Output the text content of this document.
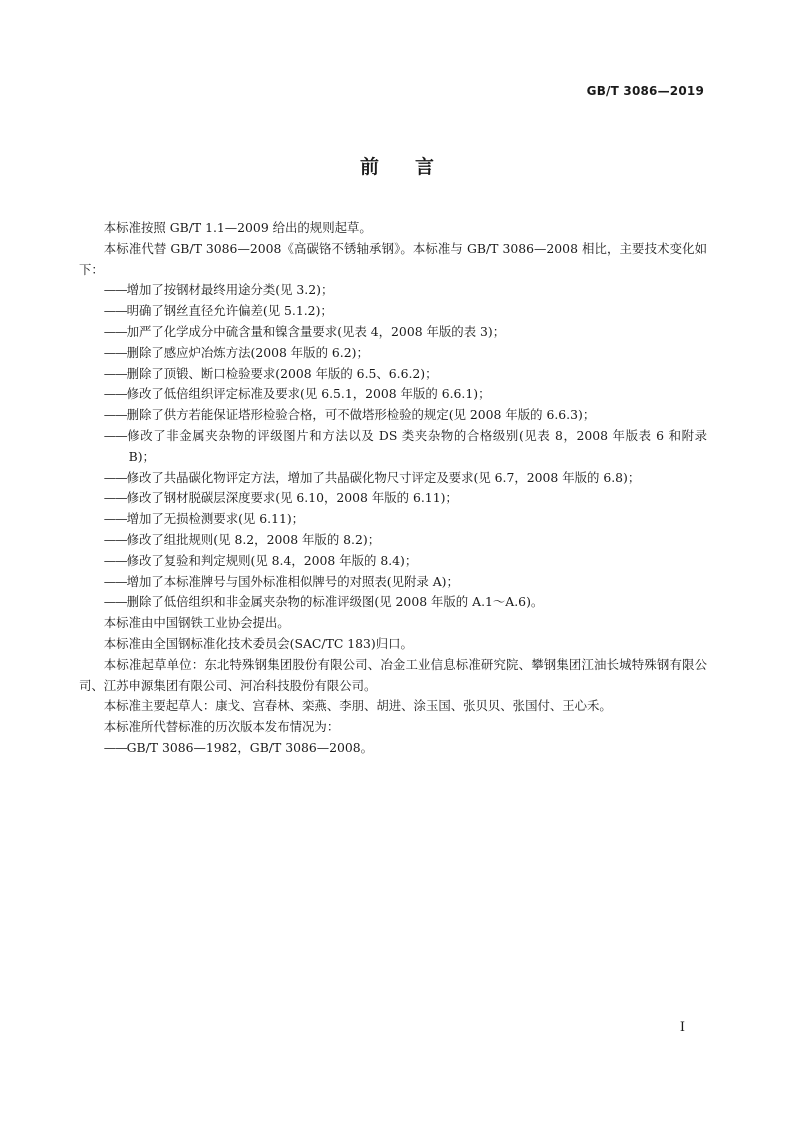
GB/T 3086—2019
前言

本标准按照 GB/T 1.1—2009 给出的规则起草。

本标准代替 GB/T 3086—2008《高碳铬不锈轴承钢》。本标准与 GB/T 3086—2008 相比，主要技术变化如下：

——增加了按钢材最终用途分类(见 3.2)；

——明确了钢丝直径允许偏差(见 5.1.2)；

——加严了化学成分中硫含量和镍含量要求(见表 4，2008 年版的表 3)；

——删除了感应炉冶炼方法(2008 年版的 6.2)；

——删除了顶锻、断口检验要求(2008 年版的 6.5、6.6.2)；

——修改了低倍组织评定标准及要求(见 6.5.1，2008 年版的 6.6.1)；

——删除了供方若能保证塔形检验合格，可不做塔形检验的规定(见 2008 年版的 6.6.3)；

——修改了非金属夹杂物的评级图片和方法以及 DS 类夹杂物的合格级别(见表 8，2008 年版表 6 和附录 B)；

——修改了共晶碳化物评定方法，增加了共晶碳化物尺寸评定及要求(见 6.7，2008 年版的 6.8)；

——修改了钢材脱碳层深度要求(见 6.10，2008 年版的 6.11)；

——增加了无损检测要求(见 6.11)；

——修改了组批规则(见 8.2，2008 年版的 8.2)；

——修改了复验和判定规则(见 8.4，2008 年版的 8.4)；

——增加了本标准牌号与国外标准相似牌号的对照表(见附录 A)；

——删除了低倍组织和非金属夹杂物的标准评级图(见 2008 年版的 A.1～A.6)。

本标准由中国钢铁工业协会提出。

本标准由全国钢标准化技术委员会(SAC/TC 183)归口。

本标准起草单位：东北特殊钢集团股份有限公司、冶金工业信息标准研究院、攀钢集团江油长城特殊钢有限公司、江苏申源集团有限公司、河冶科技股份有限公司。

本标准主要起草人：康戈、宫春林、栾燕、李朋、胡进、涂玉国、张贝贝、张国付、王心禾。

本标准所代替标准的历次版本发布情况为：

——GB/T 3086—1982，GB/T 3086—2008。

I
